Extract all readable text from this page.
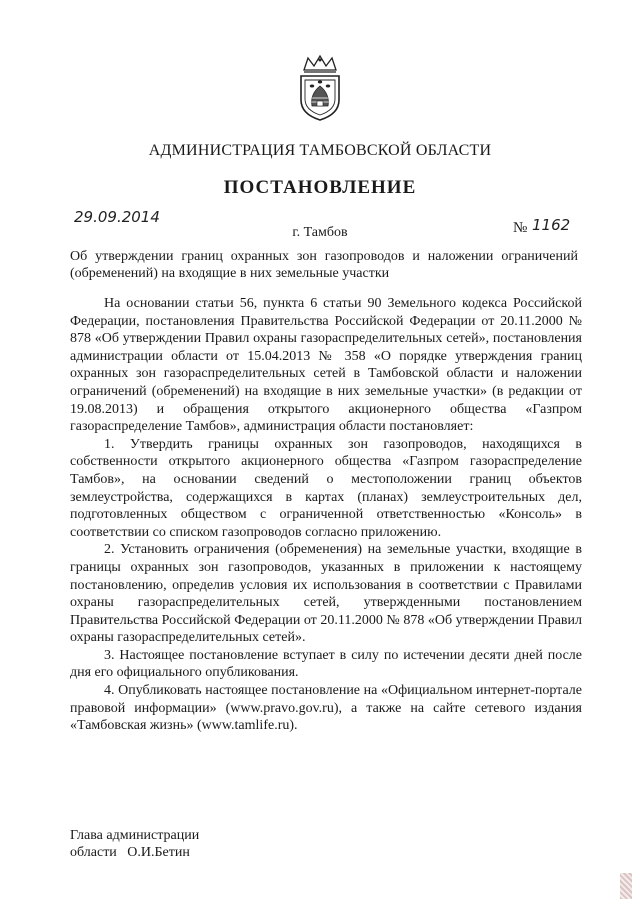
АДМИНИСТРАЦИЯ ТАМБОВСКОЙ ОБЛАСТИ
ПОСТАНОВЛЕНИЕ
29.09.2014
г. Тамбов	№ 1162
Об утверждении границ охранных зон газопроводов и наложении ограничений (обременений) на входящие в них земельные участки

На основании статьи 56, пункта 6 статьи 90 Земельного кодекса Российской Федерации, постановления Правительства Российской Федерации от 20.11.2000 № 878 «Об утверждении Правил охраны газораспределительных сетей», постановления администрации области от 15.04.2013 № 358 «О порядке утверждения границ охранных зон газораспределительных сетей в Тамбовской области и наложении ограничений (обременений) на входящие в них земельные участки» (в редакции от 19.08.2013) и обращения открытого акционерного общества «Газпром газораспределение Тамбов», администрация области постановляет:

1. Утвердить границы охранных зон газопроводов, находящихся в собственности открытого акционерного общества «Газпром газораспределение Тамбов», на основании сведений о местоположении границ объектов землеустройства, содержащихся в картах (планах) землеустроительных дел, подготовленных обществом с ограниченной ответственностью «Консоль» в соответствии со списком газопроводов согласно приложению.

2. Установить ограничения (обременения) на земельные участки, входящие в границы охранных зон газопроводов, указанных в приложении к настоящему постановлению, определив условия их использования в соответствии с Правилами охраны газораспределительных сетей, утвержденными постановлением Правительства Российской Федерации от 20.11.2000 № 878 «Об утверждении Правил охраны газораспределительных сетей».

3. Настоящее постановление вступает в силу по истечении десяти дней после дня его официального опубликования.

4. Опубликовать настоящее постановление на «Официальном интернет-портале правовой информации» (www.pravo.gov.ru), а также на сайте сетевого издания «Тамбовская жизнь» (www.tamlife.ru).

Глава администрации
области   О.И.Бетин
